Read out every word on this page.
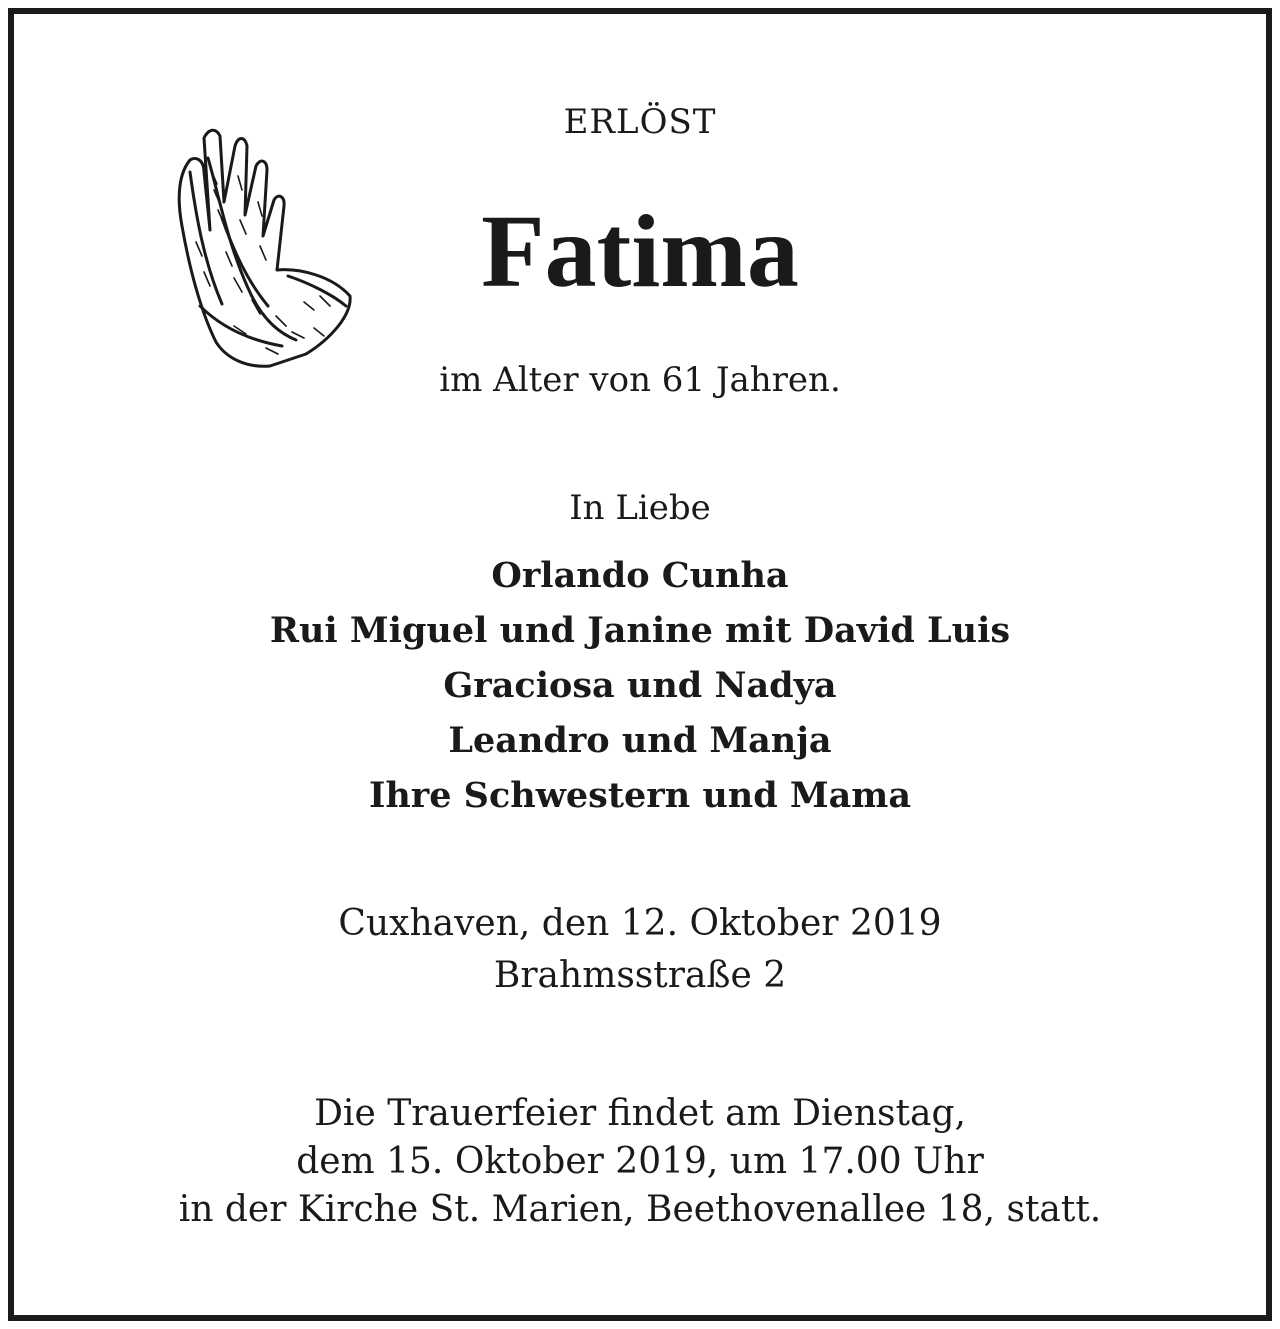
ERLÖST
Fatima
im Alter von 61 Jahren.
In Liebe
Orlando Cunha
Rui Miguel und Janine mit David Luis
Graciosa und Nadya
Leandro und Manja
Ihre Schwestern und Mama
Cuxhaven, den 12. Oktober 2019
Brahmsstraße 2
Die Trauerfeier findet am Dienstag,
dem 15. Oktober 2019, um 17.00 Uhr
in der Kirche St. Marien, Beethovenallee 18, statt.
